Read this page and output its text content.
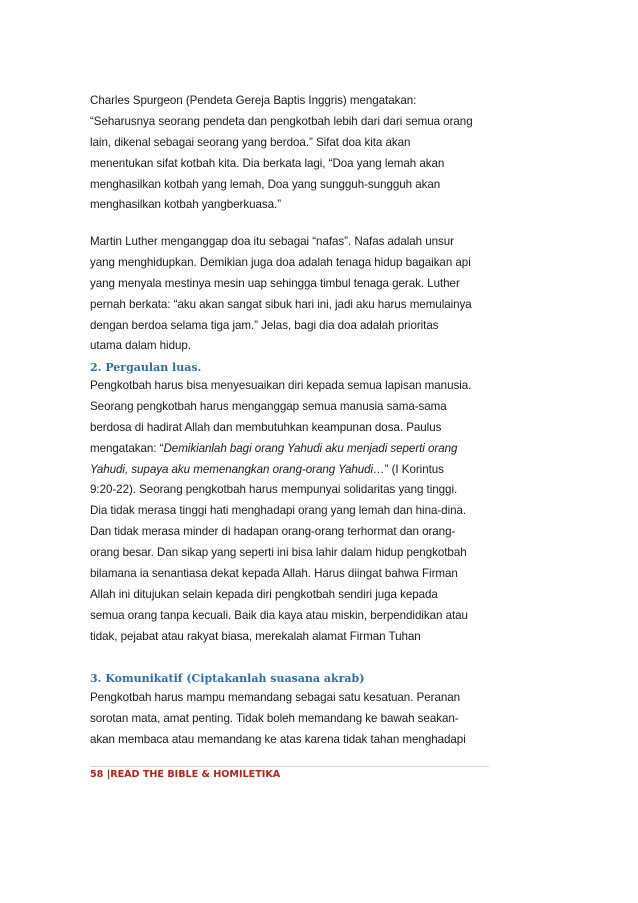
Charles Spurgeon (Pendeta Gereja Baptis Inggris) mengatakan:
“Seharusnya seorang pendeta dan pengkotbah lebih dari dari semua orang
lain, dikenal sebagai seorang yang berdoa.” Sifat doa kita akan
menentukan sifat kotbah kita. Dia berkata lagi, “Doa yang lemah akan
menghasilkan kotbah yang lemah, Doa yang sungguh-sungguh akan
menghasilkan kotbah yangberkuasa.”
Martin Luther menganggap doa itu sebagai “nafas”. Nafas adalah unsur
yang menghidupkan. Demikian juga doa adalah tenaga hidup bagaikan api
yang menyala mestinya mesin uap sehingga timbul tenaga gerak. Luther
pernah berkata: “aku akan sangat sibuk hari ini, jadi aku harus memulainya
dengan berdoa selama tiga jam.” Jelas, bagi dia doa adalah prioritas
utama dalam hidup.

2. Pergaulan luas.

Pengkotbah harus bisa menyesuaikan diri kepada semua lapisan manusia.
Seorang pengkotbah harus menganggap semua manusia sama-sama
berdosa di hadirat Allah dan membutuhkan keampunan dosa. Paulus
mengatakan: “Demikianlah bagi orang Yahudi aku menjadi seperti orang
Yahudi, supaya aku memenangkan orang-orang Yahudi…” (I Korintus
9:20-22). Seorang pengkotbah harus mempunyai solidaritas yang tinggi.
Dia tidak merasa tinggi hati menghadapi orang yang lemah dan hina-dina.
Dan tidak merasa minder di hadapan orang-orang terhormat dan orang-
orang besar. Dan sikap yang seperti ini bisa lahir dalam hidup pengkotbah
bilamana ia senantiasa dekat kepada Allah. Harus diingat bahwa Firman
Allah ini ditujukan selain kepada diri pengkotbah sendiri juga kepada
semua orang tanpa kecuali. Baik dia kaya atau miskin, berpendidikan atau
tidak, pejabat atau rakyat biasa, merekalah alamat Firman Tuhan

3. Komunikatif (Ciptakanlah suasana akrab)

Pengkotbah harus mampu memandang sebagai satu kesatuan. Peranan
sorotan mata, amat penting. Tidak boleh memandang ke bawah seakan-
akan membaca atau memandang ke atas karena tidak tahan menghadapi

58 |READ THE BIBLE & HOMILETIKA
